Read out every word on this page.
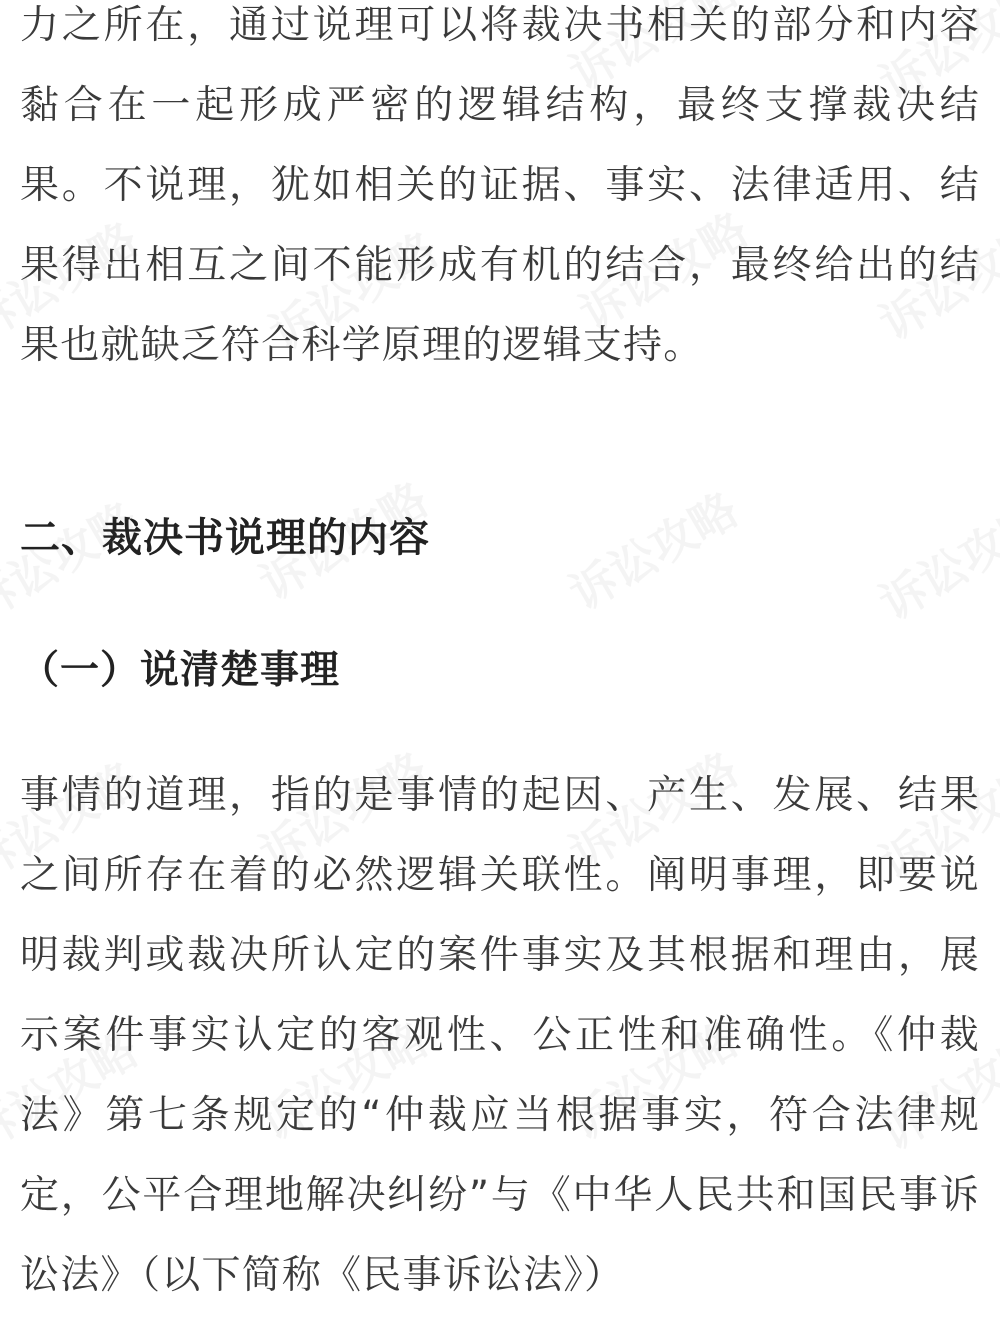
力之所在，通过说理可以将裁决书相关的部分和内容黏合在一起形成严密的逻辑结构，最终支撑裁决结果。不说理，犹如相关的证据、事实、法律适用、结果得出相互之间不能形成有机的结合，最终给出的结果也就缺乏符合科学原理的逻辑支持。

二、裁决书说理的内容
（一）说清楚事理

事情的道理，指的是事情的起因、产生、发展、结果之间所存在着的必然逻辑关联性。阐明事理，即要说明裁判或裁决所认定的案件事实及其根据和理由，展示案件事实认定的客观性、公正性和准确性。《仲裁法》第七条规定的“仲裁应当根据事实，符合法律规定，公平合理地解决纠纷”与《中华人民共和国民事诉讼法》（以下简称《民事诉讼法》）
